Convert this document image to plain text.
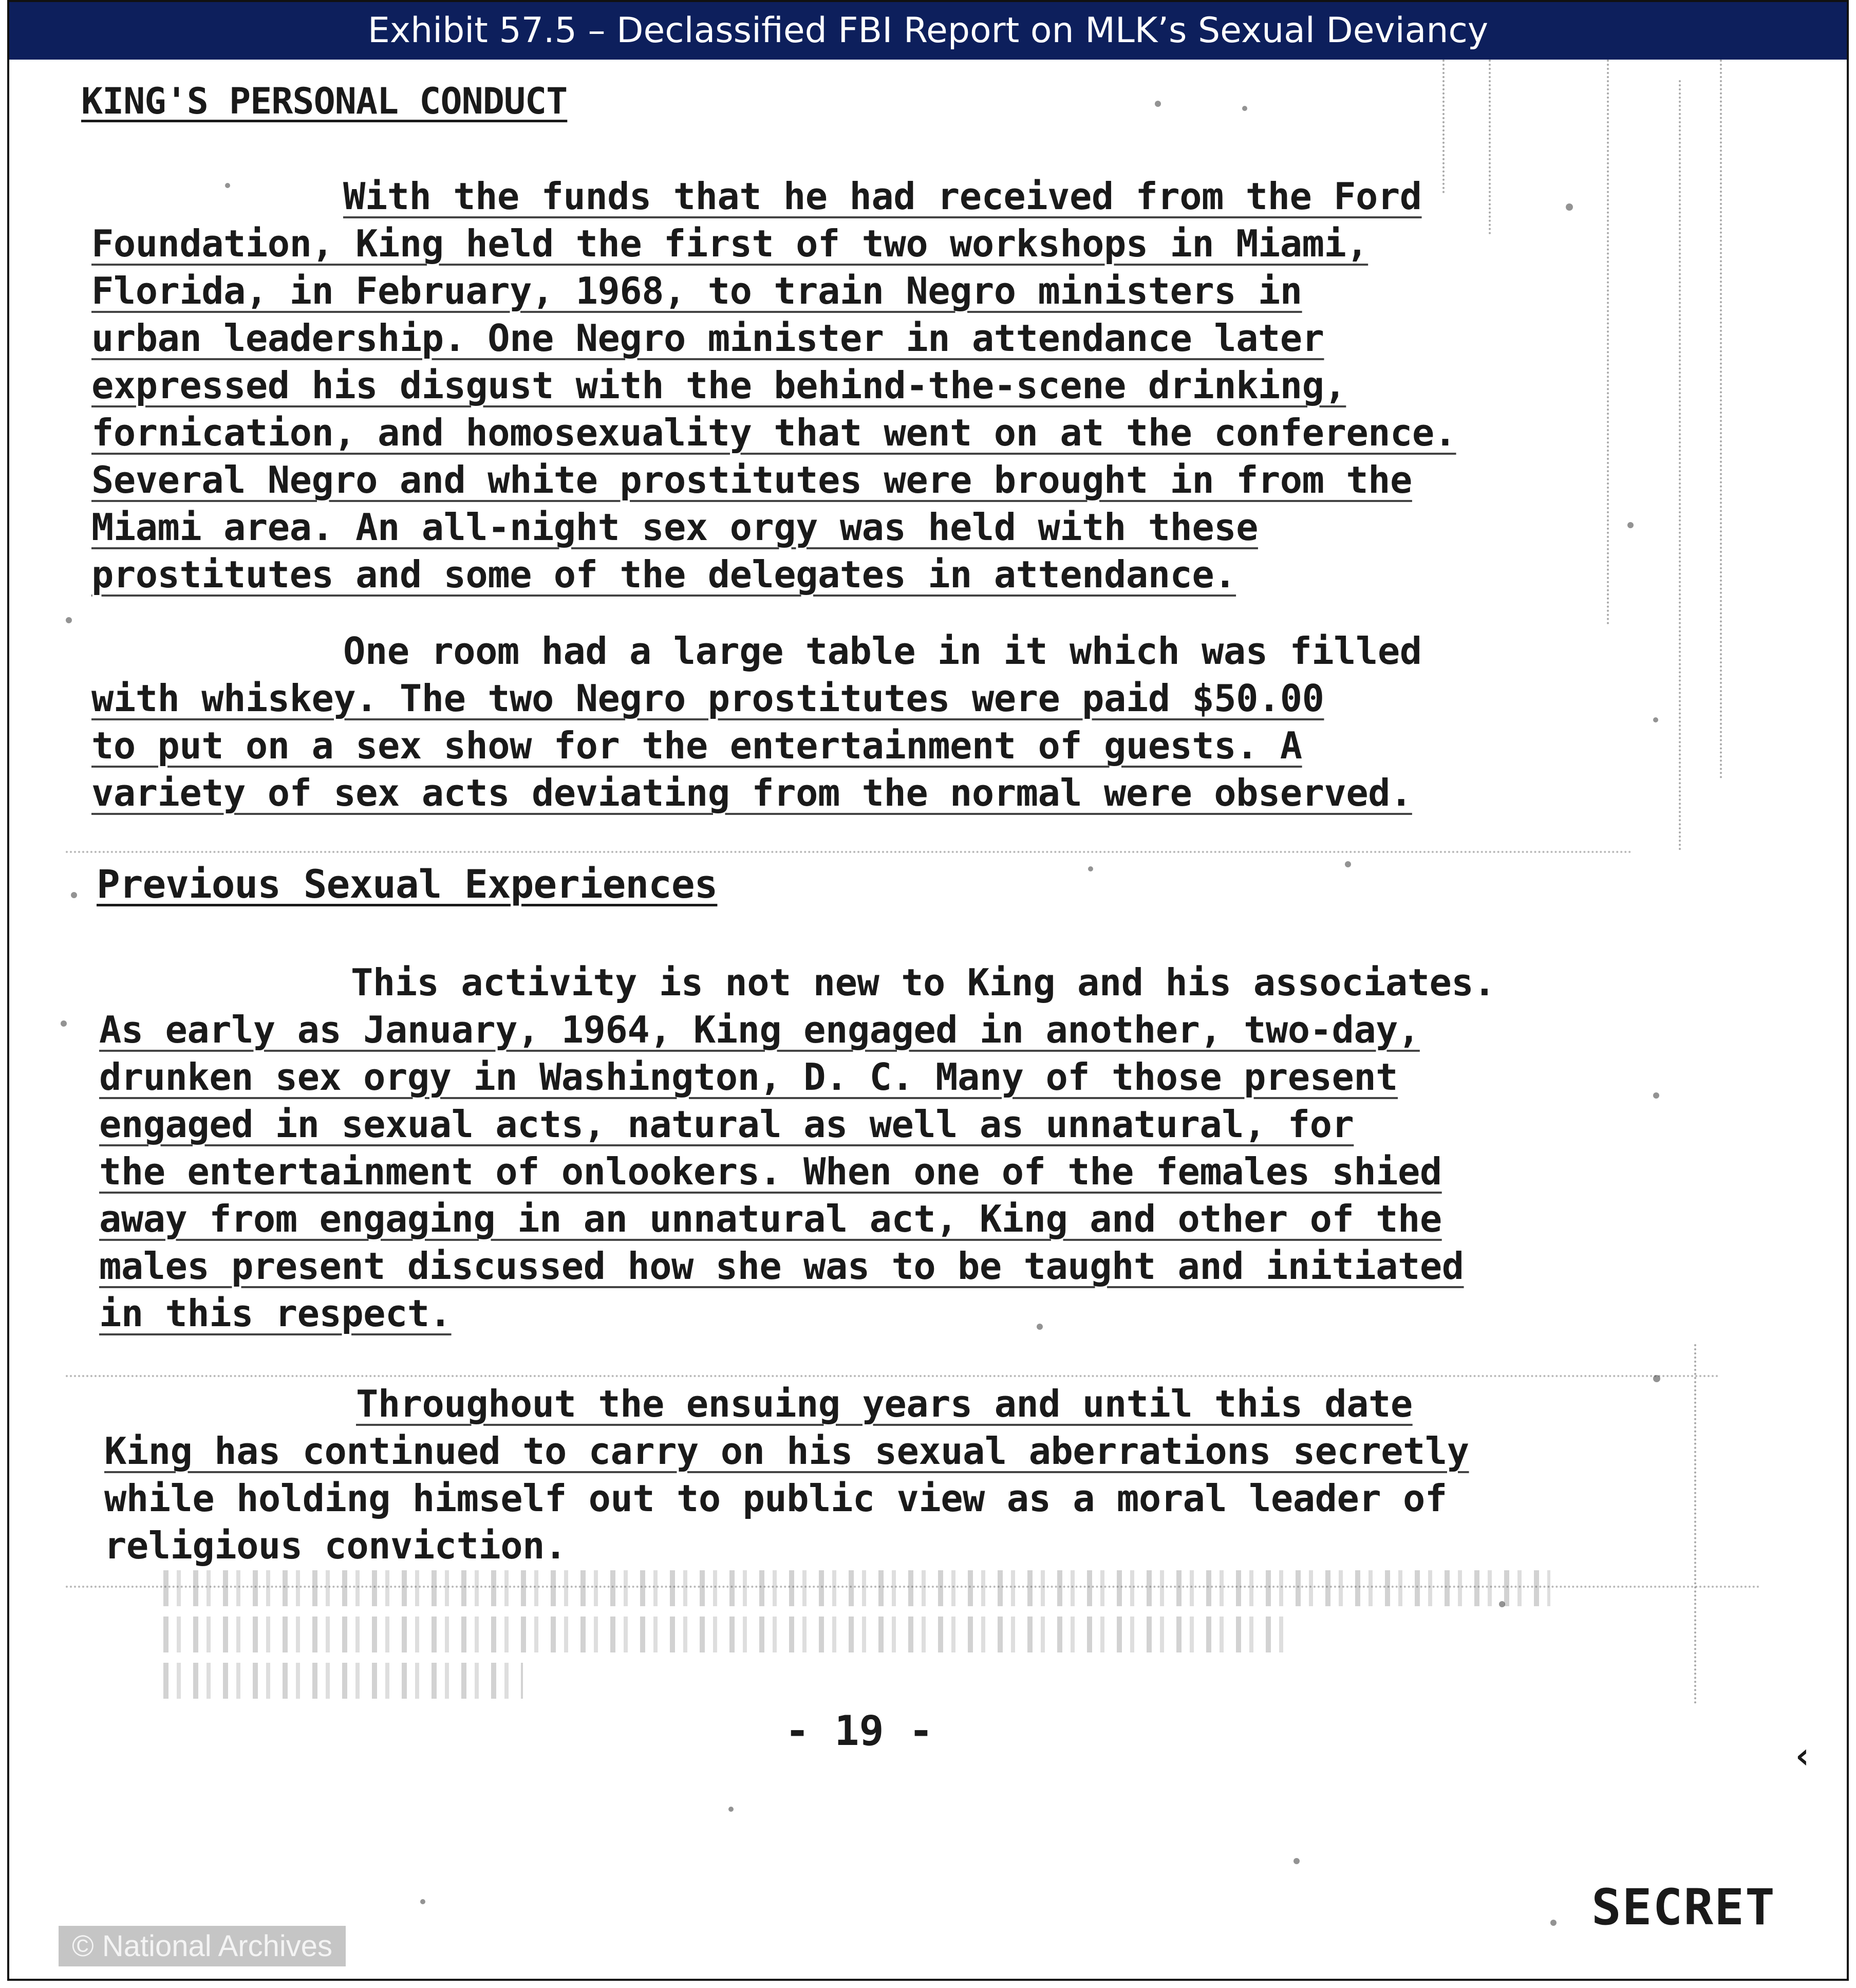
Exhibit 57.5 – Declassified FBI Report on MLK’s Sexual Deviancy
KING'S PERSONAL CONDUCT
With the funds that he had received from the Ford
Foundation, King held the first of two workshops in Miami,
Florida, in February, 1968, to train Negro ministers in
urban leadership. One Negro minister in attendance later
expressed his disgust with the behind-the-scene drinking,
fornication, and homosexuality that went on at the conference.
Several Negro and white prostitutes were brought in from the
Miami area. An all-night sex orgy was held with these
prostitutes and some of the delegates in attendance.
One room had a large table in it which was filled
with whiskey. The two Negro prostitutes were paid $50.00
to put on a sex show for the entertainment of guests. A
variety of sex acts deviating from the normal were observed.
Previous Sexual Experiences
This activity is not new to King and his associates.
As early as January, 1964, King engaged in another, two-day,
drunken sex orgy in Washington, D. C. Many of those present
engaged in sexual acts, natural as well as unnatural, for
the entertainment of onlookers. When one of the females shied
away from engaging in an unnatural act, King and other of the
males present discussed how she was to be taught and initiated
in this respect.
Throughout the ensuing years and until this date
King has continued to carry on his sexual aberrations secretly
while holding himself out to public view as a moral leader of
religious conviction.
- 19 -
‹
SECRET
© National Archives
